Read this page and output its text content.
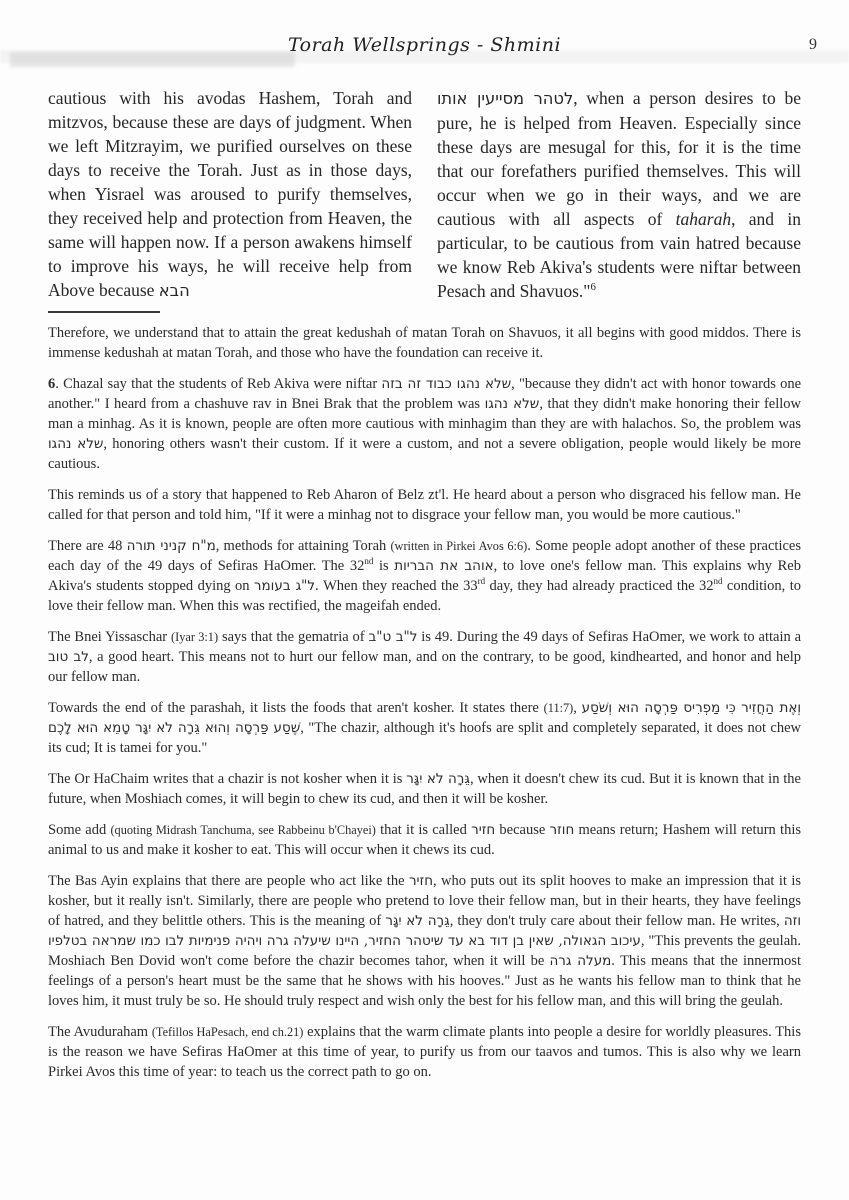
Torah Wellsprings - Shmini	9

cautious with his avodas Hashem, Torah and mitzvos, because these are days of judgment. When we left Mitzrayim, we purified ourselves on these days to receive the Torah. Just as in those days, when Yisrael was aroused to purify themselves, they received help and protection from Heaven, the same will happen now. If a person awakens himself to improve his ways, he will receive help from Above because הבא

לטהר מסייעין אותו, when a person desires to be pure, he is helped from Heaven. Especially since these days are mesugal for this, for it is the time that our forefathers purified themselves. This will occur when we go in their ways, and we are cautious with all aspects of taharah, and in particular, to be cautious from vain hatred because we know Reb Akiva's students were niftar between Pesach and Shavuos."$^6$

Therefore, we understand that to attain the great kedushah of matan Torah on Shavuos, it all begins with good middos. There is immense kedushah at matan Torah, and those who have the foundation can receive it.

6. Chazal say that the students of Reb Akiva were niftar שלא נהגו כבוד זה בזה, "because they didn't act with honor towards one another." I heard from a chashuve rav in Bnei Brak that the problem was שלא נהגו, that they didn't make honoring their fellow man a minhag. As it is known, people are often more cautious with minhagim than they are with halachos. So, the problem was שלא נהגו, honoring others wasn't their custom. If it were a custom, and not a severe obligation, people would likely be more cautious.

This reminds us of a story that happened to Reb Aharon of Belz zt'l. He heard about a person who disgraced his fellow man. He called for that person and told him, "If it were a minhag not to disgrace your fellow man, you would be more cautious."

There are 48 מ"ח קניני תורה, methods for attaining Torah (written in Pirkei Avos 6:6). Some people adopt another of these practices each day of the 49 days of Sefiras HaOmer. The 32nd is אוהב את הבריות, to love one's fellow man. This explains why Reb Akiva's students stopped dying on ל"ג בעומר. When they reached the 33rd day, they had already practiced the 32nd condition, to love their fellow man. When this was rectified, the mageifah ended.

The Bnei Yissaschar (Iyar 3:1) says that the gematria of ל"ב ט"ב is 49. During the 49 days of Sefiras HaOmer, we work to attain a לב טוב, a good heart. This means not to hurt our fellow man, and on the contrary, to be good, kindhearted, and honor and help our fellow man.

Towards the end of the parashah, it lists the foods that aren't kosher. It states there (11:7), וְאֶת הַחֲזִיר כִּי מַפְרִיס פַּרְסָה הוּא וְשֹׁסַע שֶׁסַע פַּרְסָה וְהוּא גֵּרָה לֹא יִגָּר טָמֵא הוּא לָכֶם, "The chazir, although it's hoofs are split and completely separated, it does not chew its cud; It is tamei for you."

The Or HaChaim writes that a chazir is not kosher when it is גֵּרָה לֹא יִגָּר, when it doesn't chew its cud. But it is known that in the future, when Moshiach comes, it will begin to chew its cud, and then it will be kosher.

Some add (quoting Midrash Tanchuma, see Rabbeinu b'Chayei) that it is called חזיר because חוזר means return; Hashem will return this animal to us and make it kosher to eat. This will occur when it chews its cud.

The Bas Ayin explains that there are people who act like the חזיר, who puts out its split hooves to make an impression that it is kosher, but it really isn't. Similarly, there are people who pretend to love their fellow man, but in their hearts, they have feelings of hatred, and they belittle others. This is the meaning of גֵּרָה לֹא יִגָּר, they don't truly care about their fellow man. He writes, וזה עיכוב הגאולה, שאין בן דוד בא עד שיטהר החזיר, היינו שיעלה גרה ויהיה פנימיות לבו כמו שמראה בטלפיו, "This prevents the geulah. Moshiach Ben Dovid won't come before the chazir becomes tahor, when it will be מעלה גרה. This means that the innermost feelings of a person's heart must be the same that he shows with his hooves." Just as he wants his fellow man to think that he loves him, it must truly be so. He should truly respect and wish only the best for his fellow man, and this will bring the geulah.

The Avuduraham (Tefillos HaPesach, end ch.21) explains that the warm climate plants into people a desire for worldly pleasures. This is the reason we have Sefiras HaOmer at this time of year, to purify us from our taavos and tumos. This is also why we learn Pirkei Avos this time of year: to teach us the correct path to go on.
